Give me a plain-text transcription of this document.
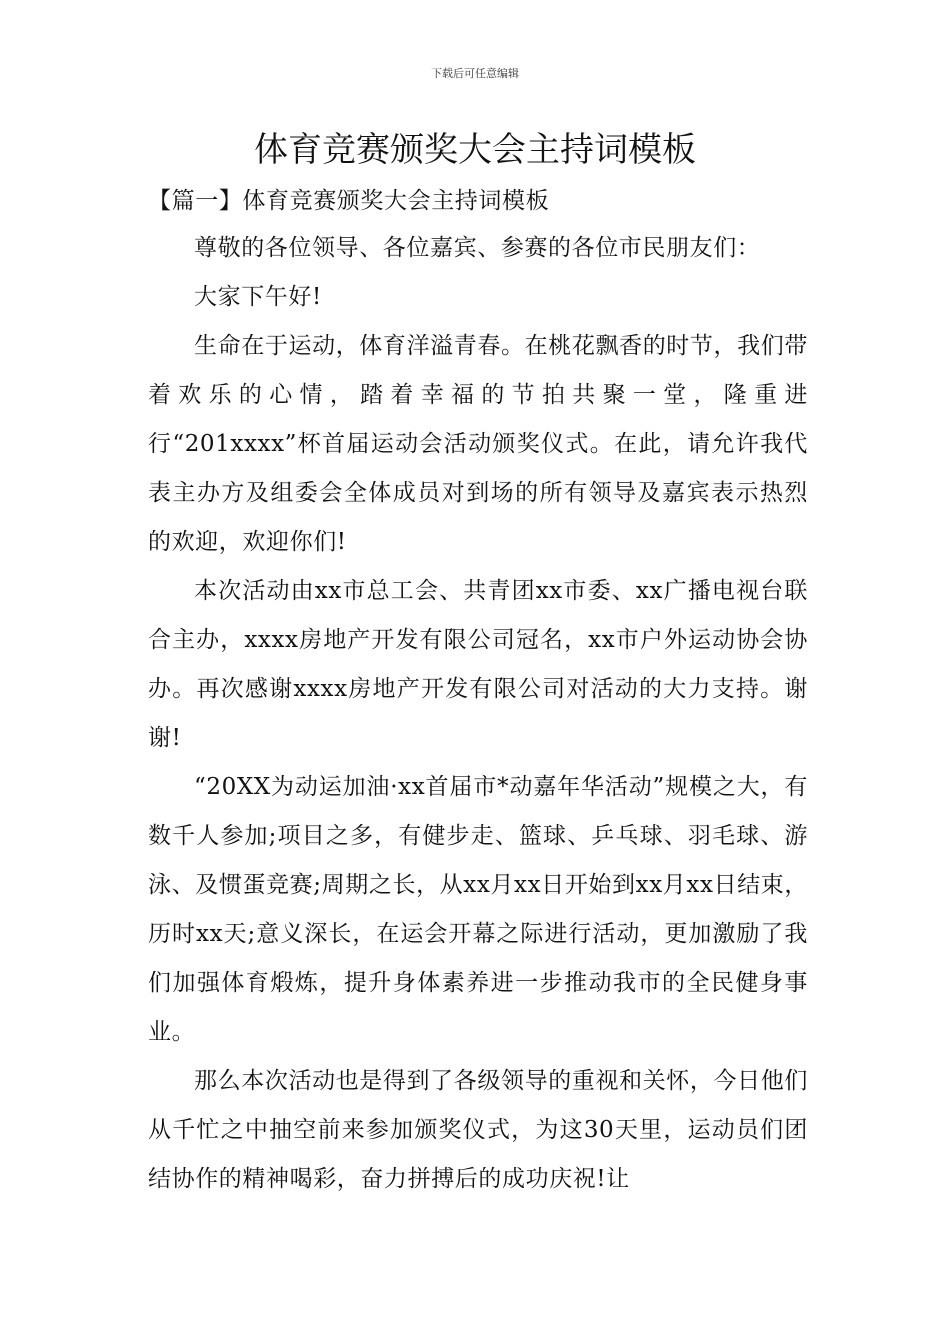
下载后可任意编辑
体育竞赛颁奖大会主持词模板
【篇一】体育竞赛颁奖大会主持词模板

尊敬的各位领导、各位嘉宾、参赛的各位市民朋友们：

大家下午好!

生命在于运动，体育洋溢青春。在桃花飘香的时节，我们带着欢乐的心情，踏着幸福的节拍共聚一堂，隆重进行“201xxxx”杯首届运动会活动颁奖仪式。在此，请允许我代表主办方及组委会全体成员对到场的所有领导及嘉宾表示热烈的欢迎，欢迎你们!

本次活动由xx市总工会、共青团xx市委、xx广播电视台联合主办，xxxx房地产开发有限公司冠名，xx市户外运动协会协办。再次感谢xxxx房地产开发有限公司对活动的大力支持。谢谢!

“20XX为动运加油·xx首届市*动嘉年华活动”规模之大，有数千人参加;项目之多，有健步走、篮球、乒乓球、羽毛球、游泳、及惯蛋竞赛;周期之长，从xx月xx日开始到xx月xx日结束，历时xx天;意义深长，在运会开幕之际进行活动，更加激励了我们加强体育煅炼，提升身体素养进一步推动我市的全民健身事业。

那么本次活动也是得到了各级领导的重视和关怀，今日他们从千忙之中抽空前来参加颁奖仪式，为这30天里，运动员们团结协作的精神喝彩，奋力拼搏后的成功庆祝!让
